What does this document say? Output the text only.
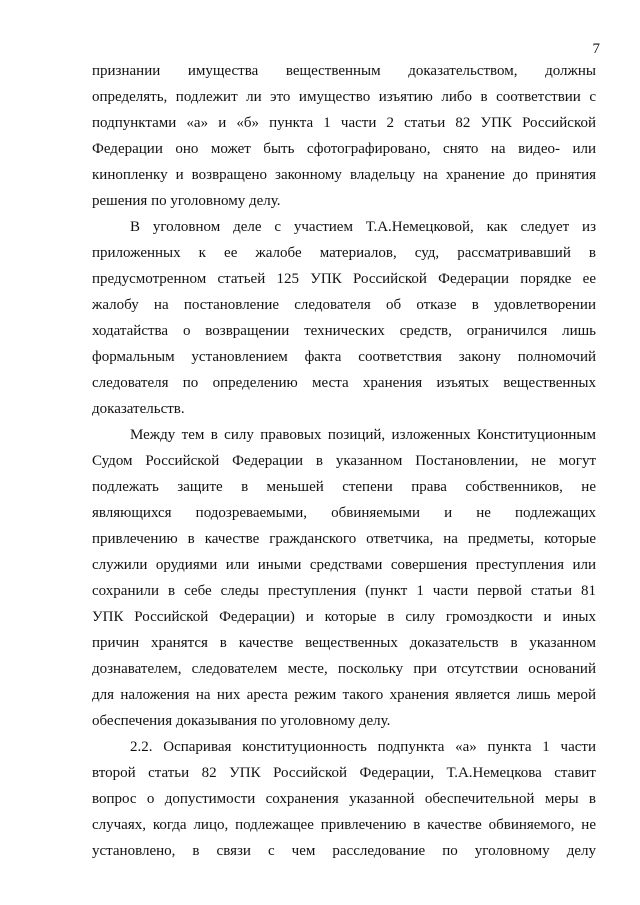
7
признании имущества вещественным доказательством, должны
определять, подлежит ли это имущество изъятию либо в соответствии с
подпунктами «а» и «б» пункта 1 части 2 статьи 82 УПК Российской
Федерации оно может быть сфотографировано, снято на видео- или
кинопленку и возвращено законному владельцу на хранение до принятия
решения по уголовному делу.
В уголовном деле с участием Т.А.Немецковой, как следует из
приложенных к ее жалобе материалов, суд, рассматривавший в
предусмотренном статьей 125 УПК Российской Федерации порядке ее
жалобу на постановление следователя об отказе в удовлетворении
ходатайства о возвращении технических средств, ограничился лишь
формальным установлением факта соответствия закону полномочий
следователя по определению места хранения изъятых вещественных
доказательств.
Между тем в силу правовых позиций, изложенных Конституционным
Судом Российской Федерации в указанном Постановлении, не могут
подлежать защите в меньшей степени права собственников, не
являющихся подозреваемыми, обвиняемыми и не подлежащих
привлечению в качестве гражданского ответчика, на предметы, которые
служили орудиями или иными средствами совершения преступления или
сохранили в себе следы преступления (пункт 1 части первой статьи 81
УПК Российской Федерации) и которые в силу громоздкости и иных
причин хранятся в качестве вещественных доказательств в указанном
дознавателем, следователем месте, поскольку при отсутствии оснований
для наложения на них ареста режим такого хранения является лишь мерой
обеспечения доказывания по уголовному делу.
2.2. Оспаривая конституционность подпункта «а» пункта 1 части
второй статьи 82 УПК Российской Федерации, Т.А.Немецкова ставит
вопрос о допустимости сохранения указанной обеспечительной меры в
случаях, когда лицо, подлежащее привлечению в качестве обвиняемого, не
установлено, в связи с чем расследование по уголовному делу
